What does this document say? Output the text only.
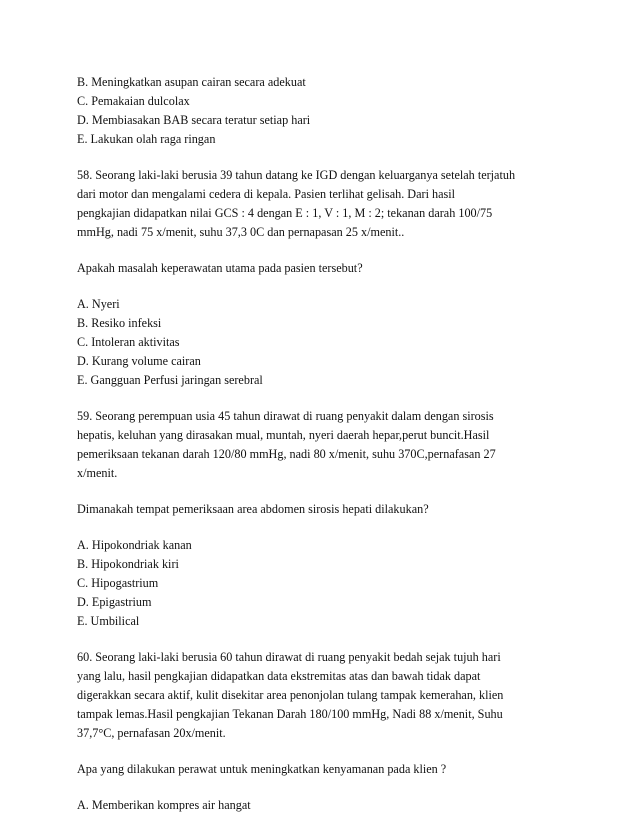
B. Meningkatkan asupan cairan secara adekuat
C. Pemakaian dulcolax
D. Membiasakan BAB secara teratur setiap hari
E. Lakukan olah raga ringan
58. Seorang laki-laki berusia 39 tahun datang ke IGD dengan keluarganya setelah terjatuh
dari motor dan mengalami cedera di kepala. Pasien terlihat gelisah. Dari hasil
pengkajian didapatkan nilai GCS : 4 dengan E : 1, V : 1, M : 2; tekanan darah 100/75
mmHg, nadi 75 x/menit, suhu 37,3 0C dan pernapasan 25 x/menit..
Apakah masalah keperawatan utama pada pasien tersebut?
A. Nyeri
B. Resiko infeksi
C. Intoleran aktivitas
D. Kurang volume cairan
E. Gangguan Perfusi jaringan serebral
59. Seorang perempuan usia 45 tahun dirawat di ruang penyakit dalam dengan sirosis
hepatis, keluhan yang dirasakan mual, muntah, nyeri daerah hepar,perut buncit.Hasil
pemeriksaan tekanan darah 120/80 mmHg, nadi 80 x/menit, suhu 370C,pernafasan 27
x/menit.
Dimanakah tempat pemeriksaan area abdomen sirosis hepati dilakukan?
A. Hipokondriak kanan
B. Hipokondriak kiri
C. Hipogastrium
D. Epigastrium
E. Umbilical
60. Seorang laki-laki berusia 60 tahun dirawat di ruang penyakit bedah sejak tujuh hari
yang lalu, hasil pengkajian didapatkan data ekstremitas atas dan bawah tidak dapat
digerakkan secara aktif, kulit disekitar area penonjolan tulang tampak kemerahan, klien
tampak lemas.Hasil pengkajian Tekanan Darah 180/100 mmHg, Nadi 88 x/menit, Suhu
37,7°C, pernafasan 20x/menit.
Apa yang dilakukan perawat untuk meningkatkan kenyamanan pada klien ?
A. Memberikan kompres air hangat
